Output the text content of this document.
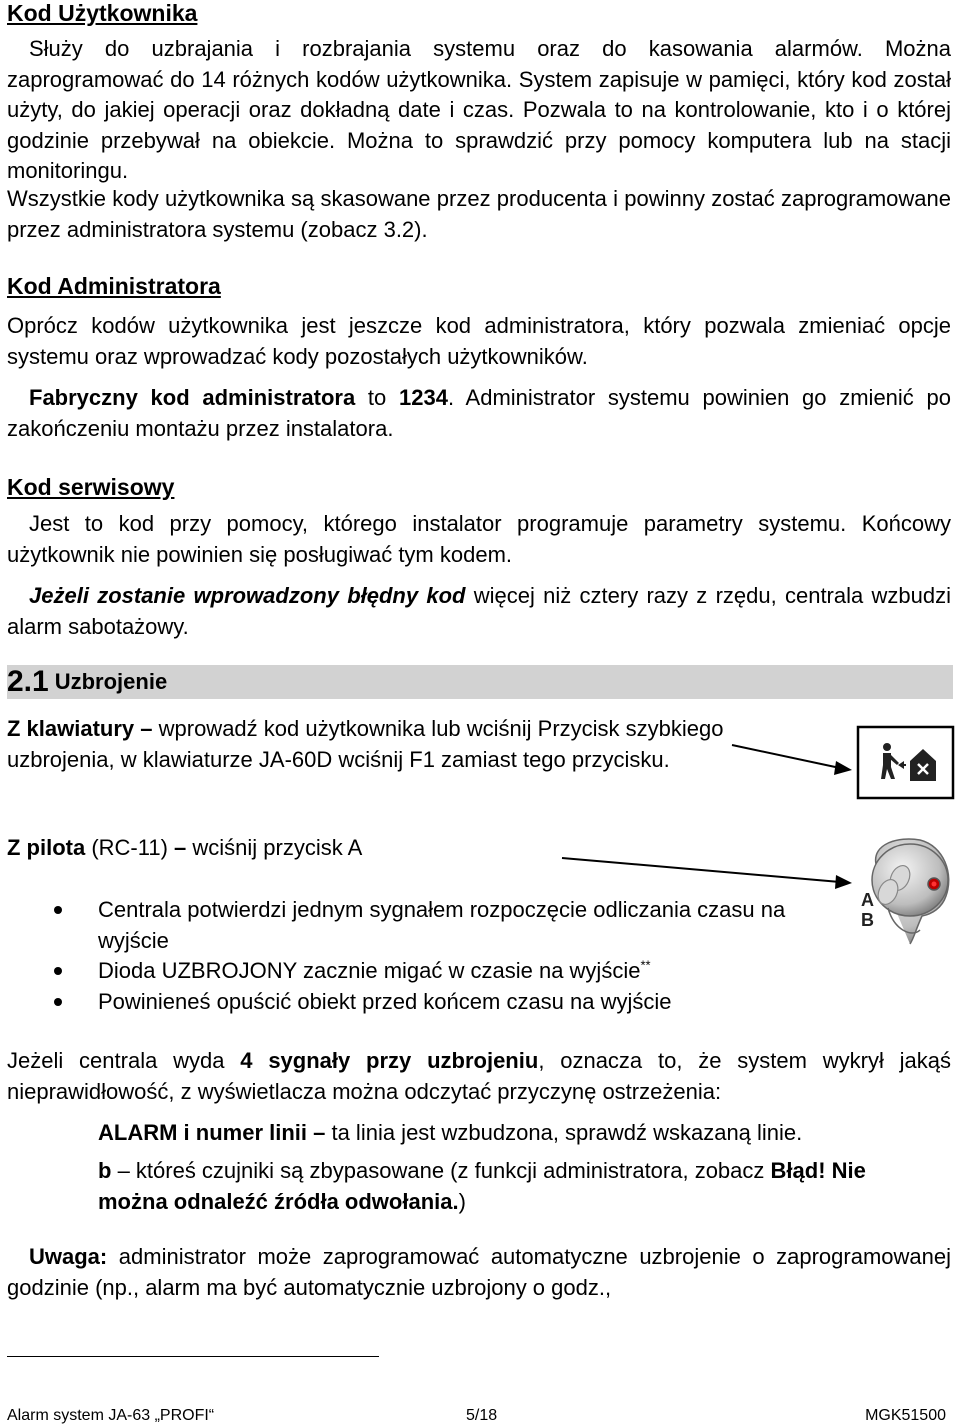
Kod Użytkownika
Służy do uzbrajania i rozbrajania systemu oraz do kasowania alarmów. Można zaprogramować do 14 różnych kodów użytkownika. System zapisuje w pamięci, który kod został użyty, do jakiej operacji oraz dokładną date i czas. Pozwala to na kontrolowanie, kto i o której godzinie przebywał na obiekcie. Można to sprawdzić przy pomocy komputera lub na stacji monitoringu.
Wszystkie kody użytkownika są skasowane przez producenta i powinny zostać zaprogramowane przez administratora systemu (zobacz 3.2).
Kod Administratora
Oprócz kodów użytkownika jest jeszcze kod administratora, który pozwala zmieniać opcje systemu oraz wprowadzać kody pozostałych użytkowników.
Fabryczny kod administratora to 1234. Administrator systemu powinien go zmienić po zakończeniu montażu przez instalatora.
Kod serwisowy
Jest to kod przy pomocy, którego instalator programuje parametry systemu. Końcowy użytkownik nie powinien się posługiwać tym kodem.
Jeżeli zostanie wprowadzony błędny kod więcej niż cztery razy z rzędu, centrala wzbudzi alarm sabotażowy.
2.1 Uzbrojenie
Z klawiatury – wprowadź kod użytkownika lub wciśnij Przycisk szybkiego uzbrojenia, w klawiaturze JA-60D wciśnij F1 zamiast tego przycisku.
Z pilota (RC-11) – wciśnij przycisk A
A
B
Centrala potwierdzi jednym sygnałem rozpoczęcie odliczania czasu na wyjście
Dioda UZBROJONY zacznie migać w czasie na wyjście**
Powinieneś opuścić obiekt przed końcem czasu na wyjście
Jeżeli centrala wyda 4 sygnały przy uzbrojeniu, oznacza to, że system wykrył jakąś nieprawidłowość, z wyświetlacza można odczytać przyczynę ostrzeżenia:
ALARM i numer linii – ta linia jest wzbudzona, sprawdź wskazaną linie.
b – któreś czujniki są zbypasowane (z funkcji administratora, zobacz Błąd! Nie można odnaleźć źródła odwołania.)
Uwaga: administrator może zaprogramować automatyczne uzbrojenie o zaprogramowanej godzinie (np., alarm ma być automatycznie uzbrojony o godz.,
Alarm system JA-63 „PROFI“	5/18	MGK51500
